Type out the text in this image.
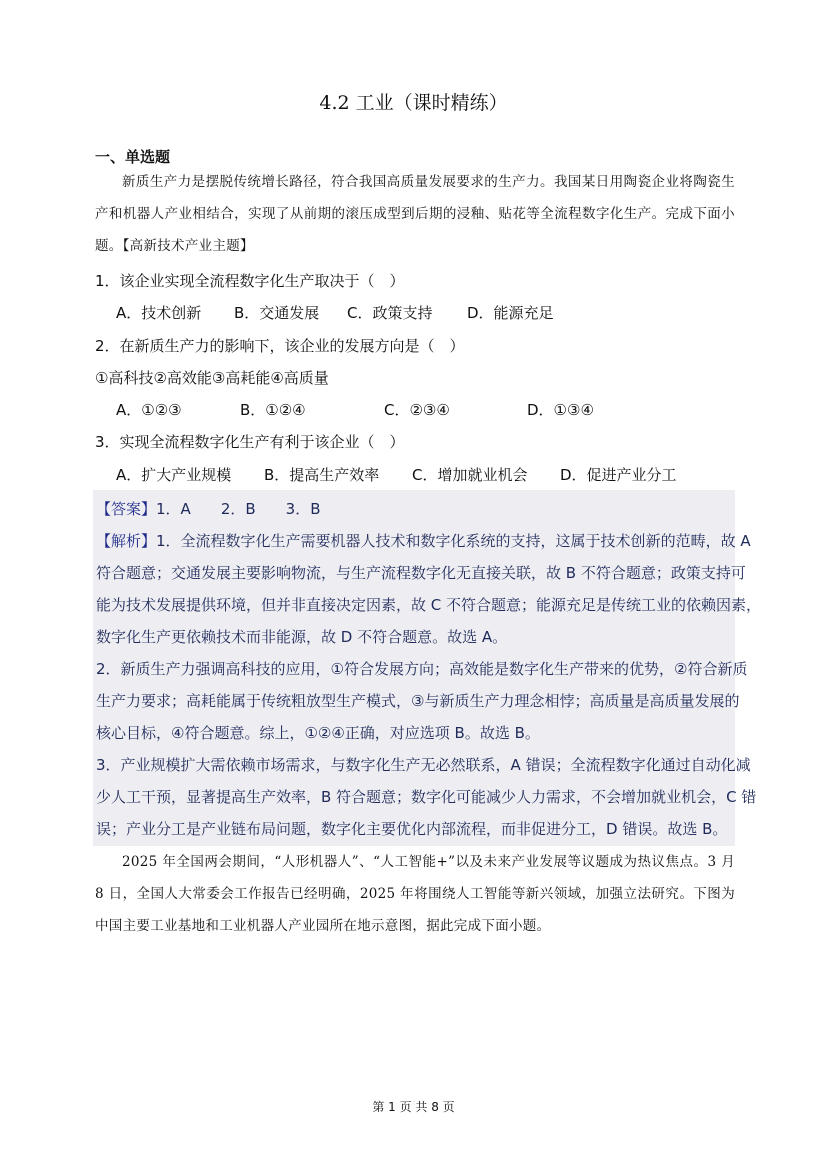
4.2 工业（课时精练）
一、单选题

新质生产力是摆脱传统增长路径，符合我国高质量发展要求的生产力。我国某日用陶瓷企业将陶瓷生产和机器人产业相结合，实现了从前期的滚压成型到后期的浸釉、贴花等全流程数字化生产。完成下面小题。【高新技术产业主题】

1．该企业实现全流程数字化生产取决于（　）
A．技术创新 B．交通发展 C．政策支持 D．能源充足
2．在新质生产力的影响下，该企业的发展方向是（　）
①高科技②高效能③高耗能④高质量
A．①②③	B．①②④	C．②③④	D．①③④
3．实现全流程数字化生产有利于该企业（　）
A．扩大产业规模 B．提高生产效率 C．增加就业机会 D．促进产业分工
【答案】1．A　　2．B　　3．B
【解析】1．全流程数字化生产需要机器人技术和数字化系统的支持，这属于技术创新的范畴，故 A
符合题意；交通发展主要影响物流，与生产流程数字化无直接关联，故 B 不符合题意；政策支持可
能为技术发展提供环境，但并非直接决定因素，故 C 不符合题意；能源充足是传统工业的依赖因素，
数字化生产更依赖技术而非能源，故 D 不符合题意。故选 A。
2．新质生产力强调高科技的应用，①符合发展方向；高效能是数字化生产带来的优势，②符合新质
生产力要求；高耗能属于传统粗放型生产模式，③与新质生产力理念相悖；高质量是高质量发展的
核心目标，④符合题意。综上，①②④正确，对应选项 B。故选 B。
3．产业规模扩大需依赖市场需求，与数字化生产无必然联系，A 错误；全流程数字化通过自动化减
少人工干预，显著提高生产效率，B 符合题意；数字化可能减少人力需求，不会增加就业机会，C 错
误；产业分工是产业链布局问题，数字化主要优化内部流程，而非促进分工，D 错误。故选 B。

2025 年全国两会期间，“人形机器人”、“人工智能+”以及未来产业发展等议题成为热议焦点。3 月 8 日，全国人大常委会工作报告已经明确，2025 年将围绕人工智能等新兴领域，加强立法研究。下图为中国主要工业基地和工业机器人产业园所在地示意图，据此完成下面小题。

第 1 页 共 8 页
